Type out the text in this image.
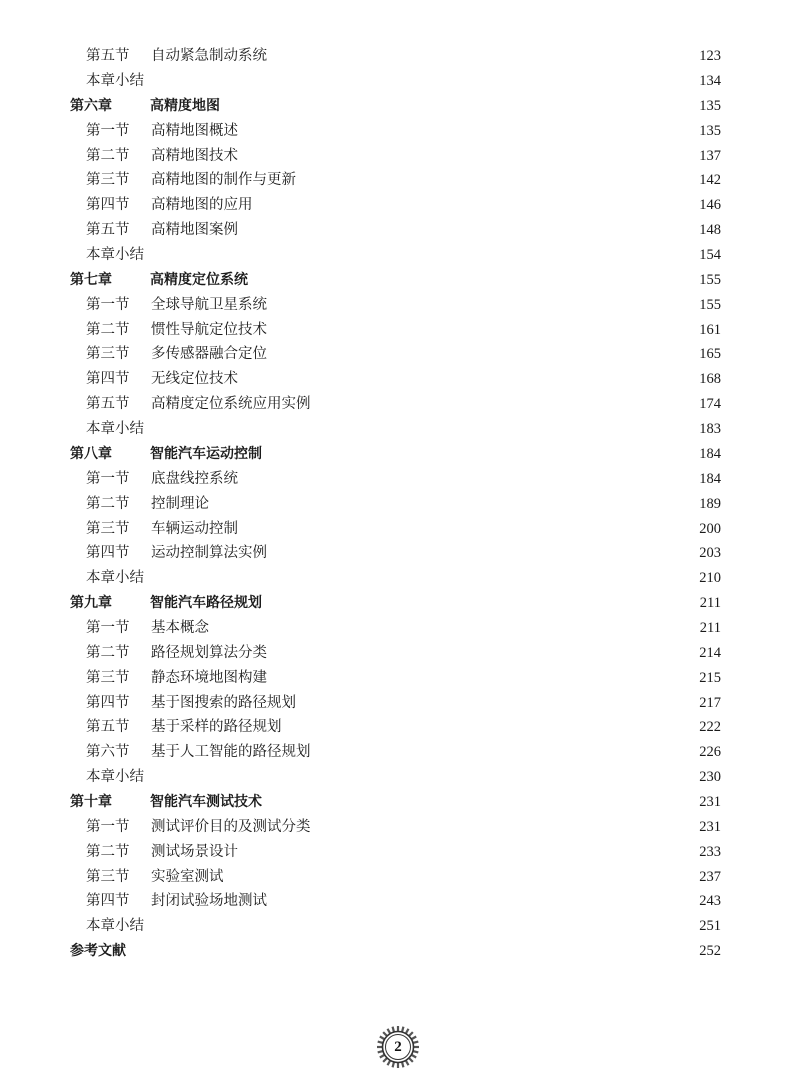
第五节 自动紧急制动系统	123
本章小结	134
第六章	高精度地图	135
第一节 高精地图概述	135
第二节 高精地图技术	137
第三节 高精地图的制作与更新	142
第四节 高精地图的应用	146
第五节 高精地图案例	148
本章小结	154
第七章	高精度定位系统	155
第一节 全球导航卫星系统	155
第二节 惯性导航定位技术	161
第三节 多传感器融合定位	165
第四节 无线定位技术	168
第五节 高精度定位系统应用实例	174
本章小结	183
第八章	智能汽车运动控制	184
第一节 底盘线控系统	184
第二节 控制理论	189
第三节 车辆运动控制	200
第四节 运动控制算法实例	203
本章小结	210
第九章	智能汽车路径规划	211
第一节 基本概念	211
第二节 路径规划算法分类	214
第三节 静态环境地图构建	215
第四节 基于图搜索的路径规划	217
第五节 基于采样的路径规划	222
第六节 基于人工智能的路径规划	226
本章小结	230
第十章	智能汽车测试技术	231
第一节 测试评价目的及测试分类	231
第二节 测试场景设计	233
第三节 实验室测试	237
第四节 封闭试验场地测试	243
本章小结	251
参考文献	252
2
